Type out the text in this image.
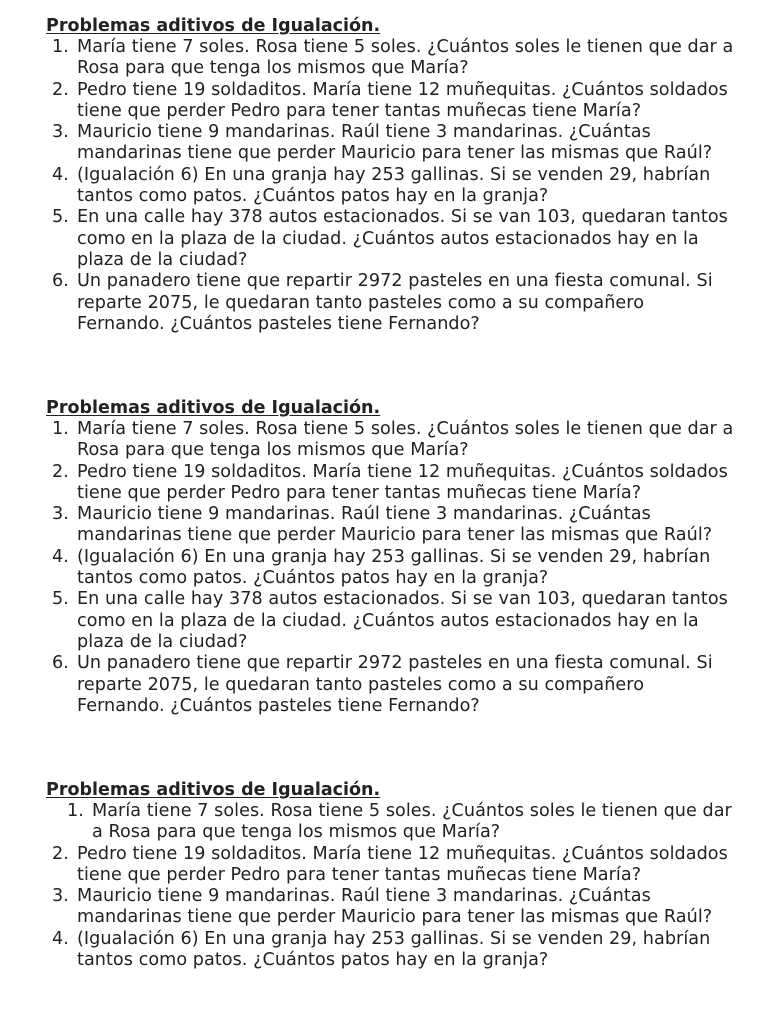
Problemas aditivos de Igualación.
1. María tiene 7 soles. Rosa tiene 5 soles. ¿Cuántos soles le tienen que dar a Rosa para que tenga los mismos que María?
2. Pedro tiene 19 soldaditos. María tiene 12 muñequitas. ¿Cuántos soldados tiene que perder Pedro para tener tantas muñecas tiene María?
3. Mauricio tiene 9 mandarinas. Raúl tiene 3 mandarinas. ¿Cuántas mandarinas tiene que perder Mauricio para tener las mismas que Raúl?
4. (Igualación 6) En una granja hay 253 gallinas. Si se venden 29, habrían tantos como patos. ¿Cuántos patos hay en la granja?
5. En una calle hay 378 autos estacionados. Si se van 103, quedaran tantos como en la plaza de la ciudad. ¿Cuántos autos estacionados hay en la plaza de la ciudad?
6. Un panadero tiene que repartir 2972 pasteles en una fiesta comunal. Si reparte 2075, le quedaran tanto pasteles como a su compañero Fernando. ¿Cuántos pasteles tiene Fernando?
Problemas aditivos de Igualación.
1. María tiene 7 soles. Rosa tiene 5 soles. ¿Cuántos soles le tienen que dar a Rosa para que tenga los mismos que María?
2. Pedro tiene 19 soldaditos. María tiene 12 muñequitas. ¿Cuántos soldados tiene que perder Pedro para tener tantas muñecas tiene María?
3. Mauricio tiene 9 mandarinas. Raúl tiene 3 mandarinas. ¿Cuántas mandarinas tiene que perder Mauricio para tener las mismas que Raúl?
4. (Igualación 6) En una granja hay 253 gallinas. Si se venden 29, habrían tantos como patos. ¿Cuántos patos hay en la granja?
5. En una calle hay 378 autos estacionados. Si se van 103, quedaran tantos como en la plaza de la ciudad. ¿Cuántos autos estacionados hay en la plaza de la ciudad?
6. Un panadero tiene que repartir 2972 pasteles en una fiesta comunal. Si reparte 2075, le quedaran tanto pasteles como a su compañero Fernando. ¿Cuántos pasteles tiene Fernando?
Problemas aditivos de Igualación.
1. María tiene 7 soles. Rosa tiene 5 soles. ¿Cuántos soles le tienen que dar a Rosa para que tenga los mismos que María?
2. Pedro tiene 19 soldaditos. María tiene 12 muñequitas. ¿Cuántos soldados tiene que perder Pedro para tener tantas muñecas tiene María?
3. Mauricio tiene 9 mandarinas. Raúl tiene 3 mandarinas. ¿Cuántas mandarinas tiene que perder Mauricio para tener las mismas que Raúl?
4. (Igualación 6) En una granja hay 253 gallinas. Si se venden 29, habrían tantos como patos. ¿Cuántos patos hay en la granja?
